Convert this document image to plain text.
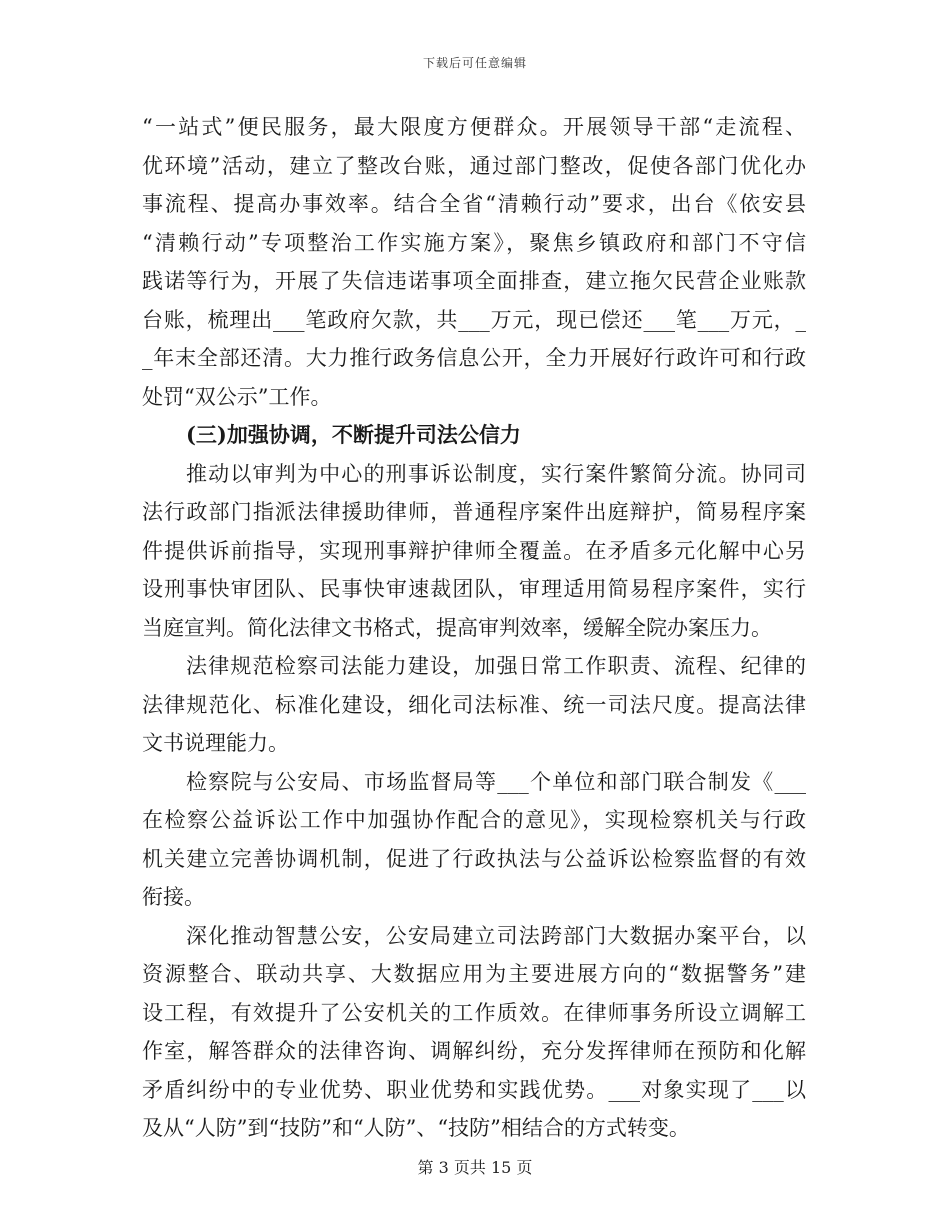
下载后可任意编辑
“一站式”便民服务，最大限度方便群众。开展领导干部“走流程、
优环境”活动，建立了整改台账，通过部门整改，促使各部门优化办
事流程、提高办事效率。结合全省“清赖行动”要求，出台《依安县
“清赖行动”专项整治工作实施方案》，聚焦乡镇政府和部门不守信
践诺等行为，开展了失信违诺事项全面排查，建立拖欠民营企业账款
台账，梳理出___笔政府欠款，共___万元，现已偿还___笔___万元，_
_年末全部还清。大力推行政务信息公开，全力开展好行政许可和行政
处罚“双公示”工作。
(三)加强协调，不断提升司法公信力
推动以审判为中心的刑事诉讼制度，实行案件繁简分流。协同司
法行政部门指派法律援助律师，普通程序案件出庭辩护，简易程序案
件提供诉前指导，实现刑事辩护律师全覆盖。在矛盾多元化解中心另
设刑事快审团队、民事快审速裁团队，审理适用简易程序案件，实行
当庭宣判。简化法律文书格式，提高审判效率，缓解全院办案压力。
法律规范检察司法能力建设，加强日常工作职责、流程、纪律的
法律规范化、标准化建设，细化司法标准、统一司法尺度。提高法律
文书说理能力。
检察院与公安局、市场监督局等___个单位和部门联合制发《___
在检察公益诉讼工作中加强协作配合的意见》，实现检察机关与行政
机关建立完善协调机制，促进了行政执法与公益诉讼检察监督的有效
衔接。
深化推动智慧公安，公安局建立司法跨部门大数据办案平台，以
资源整合、联动共享、大数据应用为主要进展方向的“数据警务”建
设工程，有效提升了公安机关的工作质效。在律师事务所设立调解工
作室，解答群众的法律咨询、调解纠纷，充分发挥律师在预防和化解
矛盾纠纷中的专业优势、职业优势和实践优势。___对象实现了___以
及从“人防”到“技防”和“人防”、“技防”相结合的方式转变。
第 3 页共 15 页
